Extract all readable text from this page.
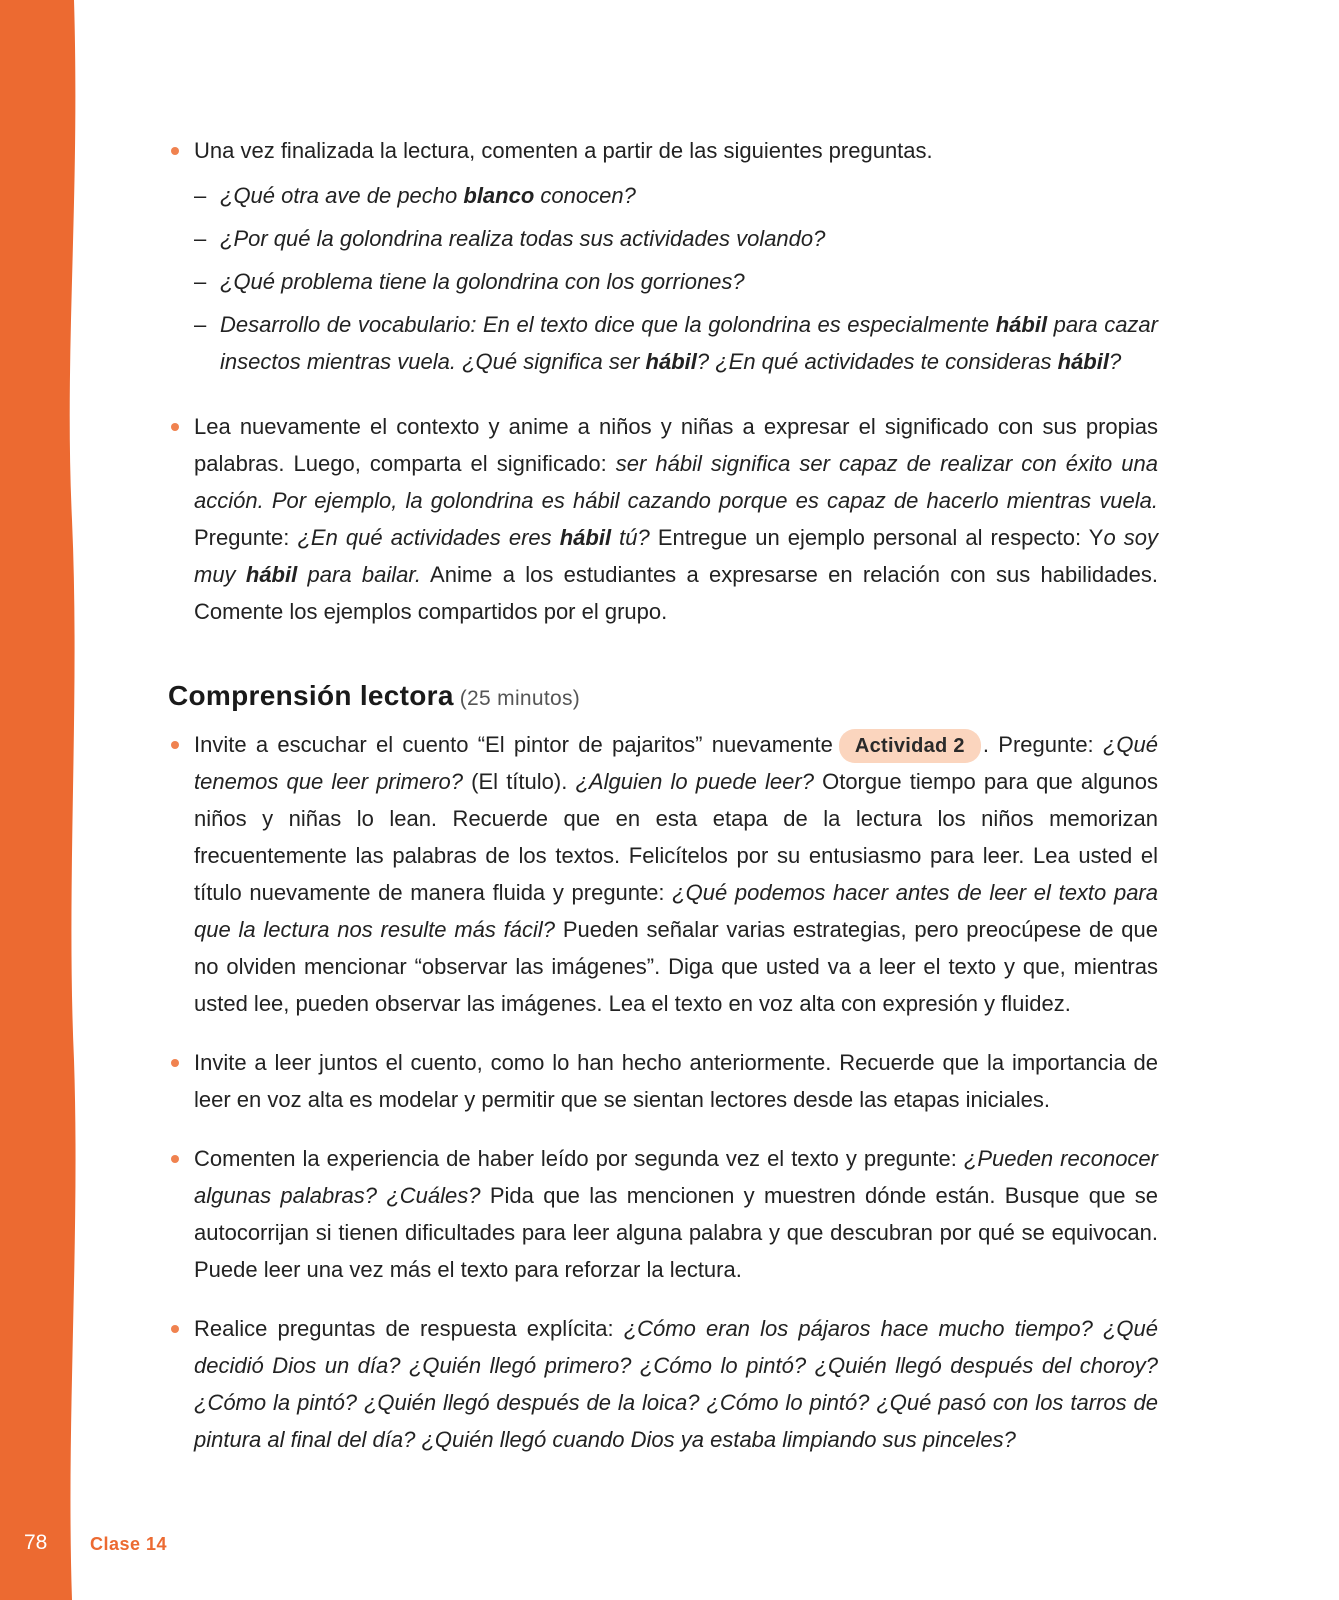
Una vez finalizada la lectura, comenten a partir de las siguientes preguntas.
– ¿Qué otra ave de pecho blanco conocen?
– ¿Por qué la golondrina realiza todas sus actividades volando?
– ¿Qué problema tiene la golondrina con los gorriones?
– Desarrollo de vocabulario: En el texto dice que la golondrina es especialmente hábil para cazar insectos mientras vuela. ¿Qué significa ser hábil? ¿En qué actividades te consideras hábil?

Lea nuevamente el contexto y anime a niños y niñas a expresar el significado con sus propias palabras. Luego, comparta el significado: ser hábil significa ser capaz de realizar con éxito una acción. Por ejemplo, la golondrina es hábil cazando porque es capaz de hacerlo mientras vuela. Pregunte: ¿En qué actividades eres hábil tú? Entregue un ejemplo personal al respecto: Yo soy muy hábil para bailar. Anime a los estudiantes a expresarse en relación con sus habilidades. Comente los ejemplos compartidos por el grupo.

Comprensión lectora (25 minutos)

Invite a escuchar el cuento “El pintor de pajaritos” nuevamente Actividad 2 . Pregunte: ¿Qué tenemos que leer primero? (El título). ¿Alguien lo puede leer? Otorgue tiempo para que algunos niños y niñas lo lean. Recuerde que en esta etapa de la lectura los niños memorizan frecuentemente las palabras de los textos. Felicítelos por su entusiasmo para leer. Lea usted el título nuevamente de manera fluida y pregunte: ¿Qué podemos hacer antes de leer el texto para que la lectura nos resulte más fácil? Pueden señalar varias estrategias, pero preocúpese de que no olviden mencionar “observar las imágenes”. Diga que usted va a leer el texto y que, mientras usted lee, pueden observar las imágenes. Lea el texto en voz alta con expresión y fluidez.

Invite a leer juntos el cuento, como lo han hecho anteriormente. Recuerde que la importancia de leer en voz alta es modelar y permitir que se sientan lectores desde las etapas iniciales.

Comenten la experiencia de haber leído por segunda vez el texto y pregunte: ¿Pueden reconocer algunas palabras? ¿Cuáles? Pida que las mencionen y muestren dónde están. Busque que se autocorrijan si tienen dificultades para leer alguna palabra y que descubran por qué se equivocan. Puede leer una vez más el texto para reforzar la lectura.

Realice preguntas de respuesta explícita: ¿Cómo eran los pájaros hace mucho tiempo? ¿Qué decidió Dios un día? ¿Quién llegó primero? ¿Cómo lo pintó? ¿Quién llegó después del choroy? ¿Cómo la pintó? ¿Quién llegó después de la loica? ¿Cómo lo pintó? ¿Qué pasó con los tarros de pintura al final del día? ¿Quién llegó cuando Dios ya estaba limpiando sus pinceles?

78 Clase 14
